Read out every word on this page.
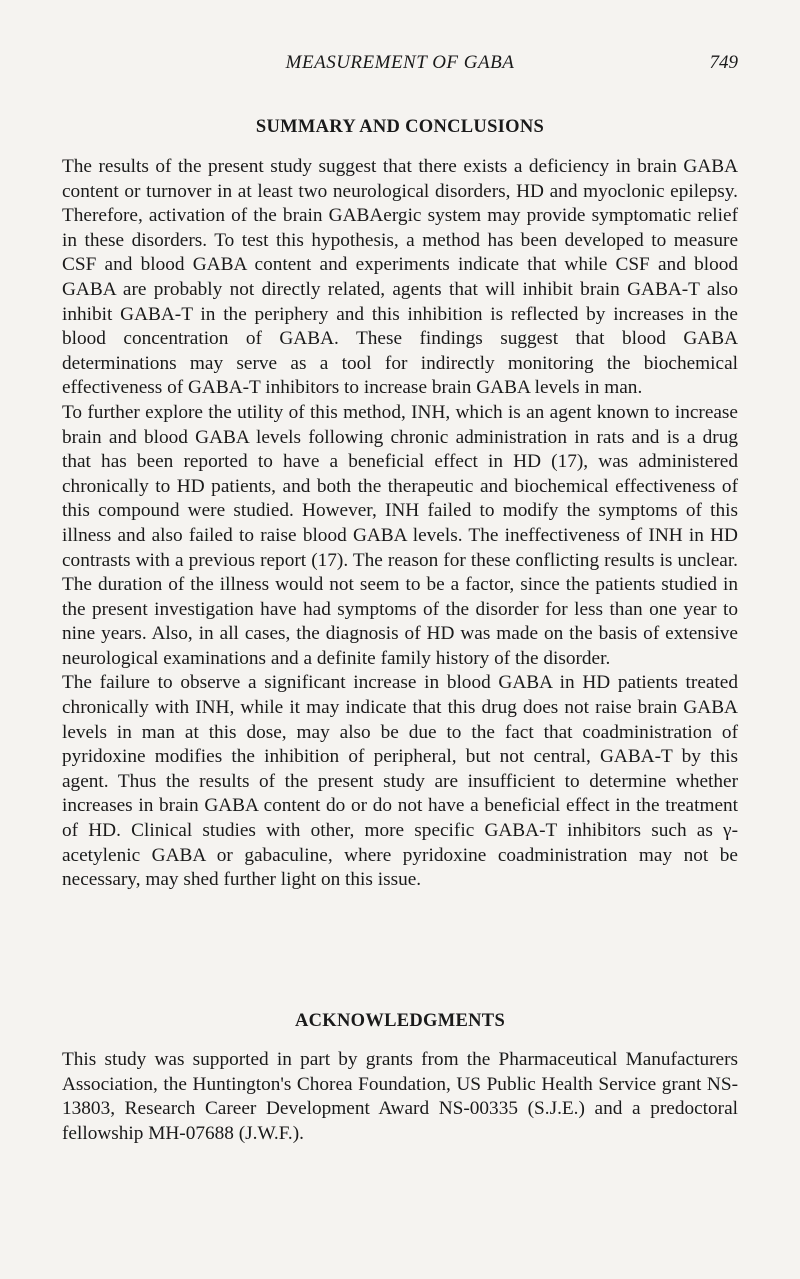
MEASUREMENT OF GABA	749
SUMMARY AND CONCLUSIONS

The results of the present study suggest that there exists a deficiency in brain GABA content or turnover in at least two neurological disorders, HD and myoclonic epilepsy. Therefore, activation of the brain GABAergic system may provide symptomatic relief in these disorders. To test this hypothesis, a method has been developed to measure CSF and blood GABA content and experiments indicate that while CSF and blood GABA are probably not directly related, agents that will inhibit brain GABA-T also inhibit GABA-T in the periphery and this inhibition is reflected by increases in the blood concentration of GABA. These findings suggest that blood GABA determinations may serve as a tool for indirectly monitoring the biochemical effectiveness of GABA-T inhibitors to increase brain GABA levels in man.

To further explore the utility of this method, INH, which is an agent known to increase brain and blood GABA levels following chronic administration in rats and is a drug that has been reported to have a beneficial effect in HD (17), was administered chronically to HD patients, and both the therapeutic and biochemical effectiveness of this compound were studied. However, INH failed to modify the symptoms of this illness and also failed to raise blood GABA levels. The ineffectiveness of INH in HD contrasts with a previous report (17). The reason for these conflicting results is unclear. The duration of the illness would not seem to be a factor, since the patients studied in the present investigation have had symptoms of the disorder for less than one year to nine years. Also, in all cases, the diagnosis of HD was made on the basis of extensive neurological examinations and a definite family history of the disorder.

The failure to observe a significant increase in blood GABA in HD patients treated chronically with INH, while it may indicate that this drug does not raise brain GABA levels in man at this dose, may also be due to the fact that coadministration of pyridoxine modifies the inhibition of peripheral, but not central, GABA-T by this agent. Thus the results of the present study are insufficient to determine whether increases in brain GABA content do or do not have a beneficial effect in the treatment of HD. Clinical studies with other, more specific GABA-T inhibitors such as γ-acetylenic GABA or gabaculine, where pyridoxine coadministration may not be necessary, may shed further light on this issue.

ACKNOWLEDGMENTS

This study was supported in part by grants from the Pharmaceutical Manufacturers Association, the Huntington's Chorea Foundation, US Public Health Service grant NS-13803, Research Career Development Award NS-00335 (S.J.E.) and a predoctoral fellowship MH-07688 (J.W.F.).
